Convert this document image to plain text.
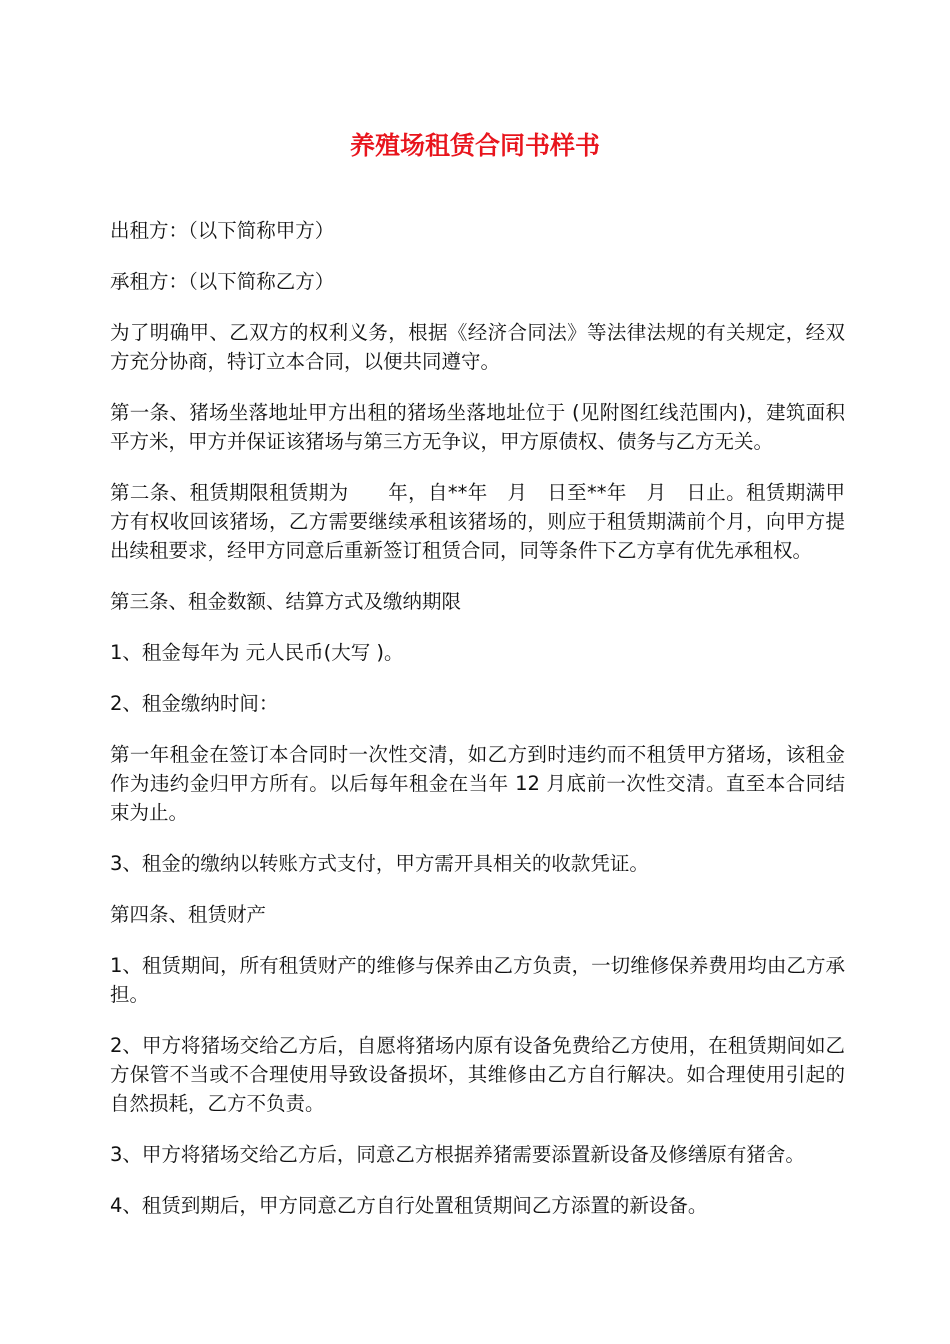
养殖场租赁合同书样书

出租方：（以下简称甲方）

承租方：（以下简称乙方）

为了明确甲、乙双方的权利义务，根据《经济合同法》等法律法规的有关规定，经双方充分协商，特订立本合同，以便共同遵守。

第一条、猪场坐落地址甲方出租的猪场坐落地址位于 (见附图红线范围内)，建筑面积 平方米，甲方并保证该猪场与第三方无争议，甲方原债权、债务与乙方无关。

第二条、租赁期限租赁期为　　年，自**年　月　日至**年　月　日止。租赁期满甲方有权收回该猪场，乙方需要继续承租该猪场的，则应于租赁期满前个月，向甲方提出续租要求，经甲方同意后重新签订租赁合同，同等条件下乙方享有优先承租权。

第三条、租金数额、结算方式及缴纳期限

1、租金每年为 元人民币(大写 )。

2、租金缴纳时间：

第一年租金在签订本合同时一次性交清，如乙方到时违约而不租赁甲方猪场，该租金作为违约金归甲方所有。以后每年租金在当年 12 月底前一次性交清。直至本合同结束为止。

3、租金的缴纳以转账方式支付，甲方需开具相关的收款凭证。

第四条、租赁财产

1、租赁期间，所有租赁财产的维修与保养由乙方负责，一切维修保养费用均由乙方承担。

2、甲方将猪场交给乙方后，自愿将猪场内原有设备免费给乙方使用，在租赁期间如乙方保管不当或不合理使用导致设备损坏，其维修由乙方自行解决。如合理使用引起的自然损耗，乙方不负责。

3、甲方将猪场交给乙方后，同意乙方根据养猪需要添置新设备及修缮原有猪舍。

4、租赁到期后，甲方同意乙方自行处置租赁期间乙方添置的新设备。
